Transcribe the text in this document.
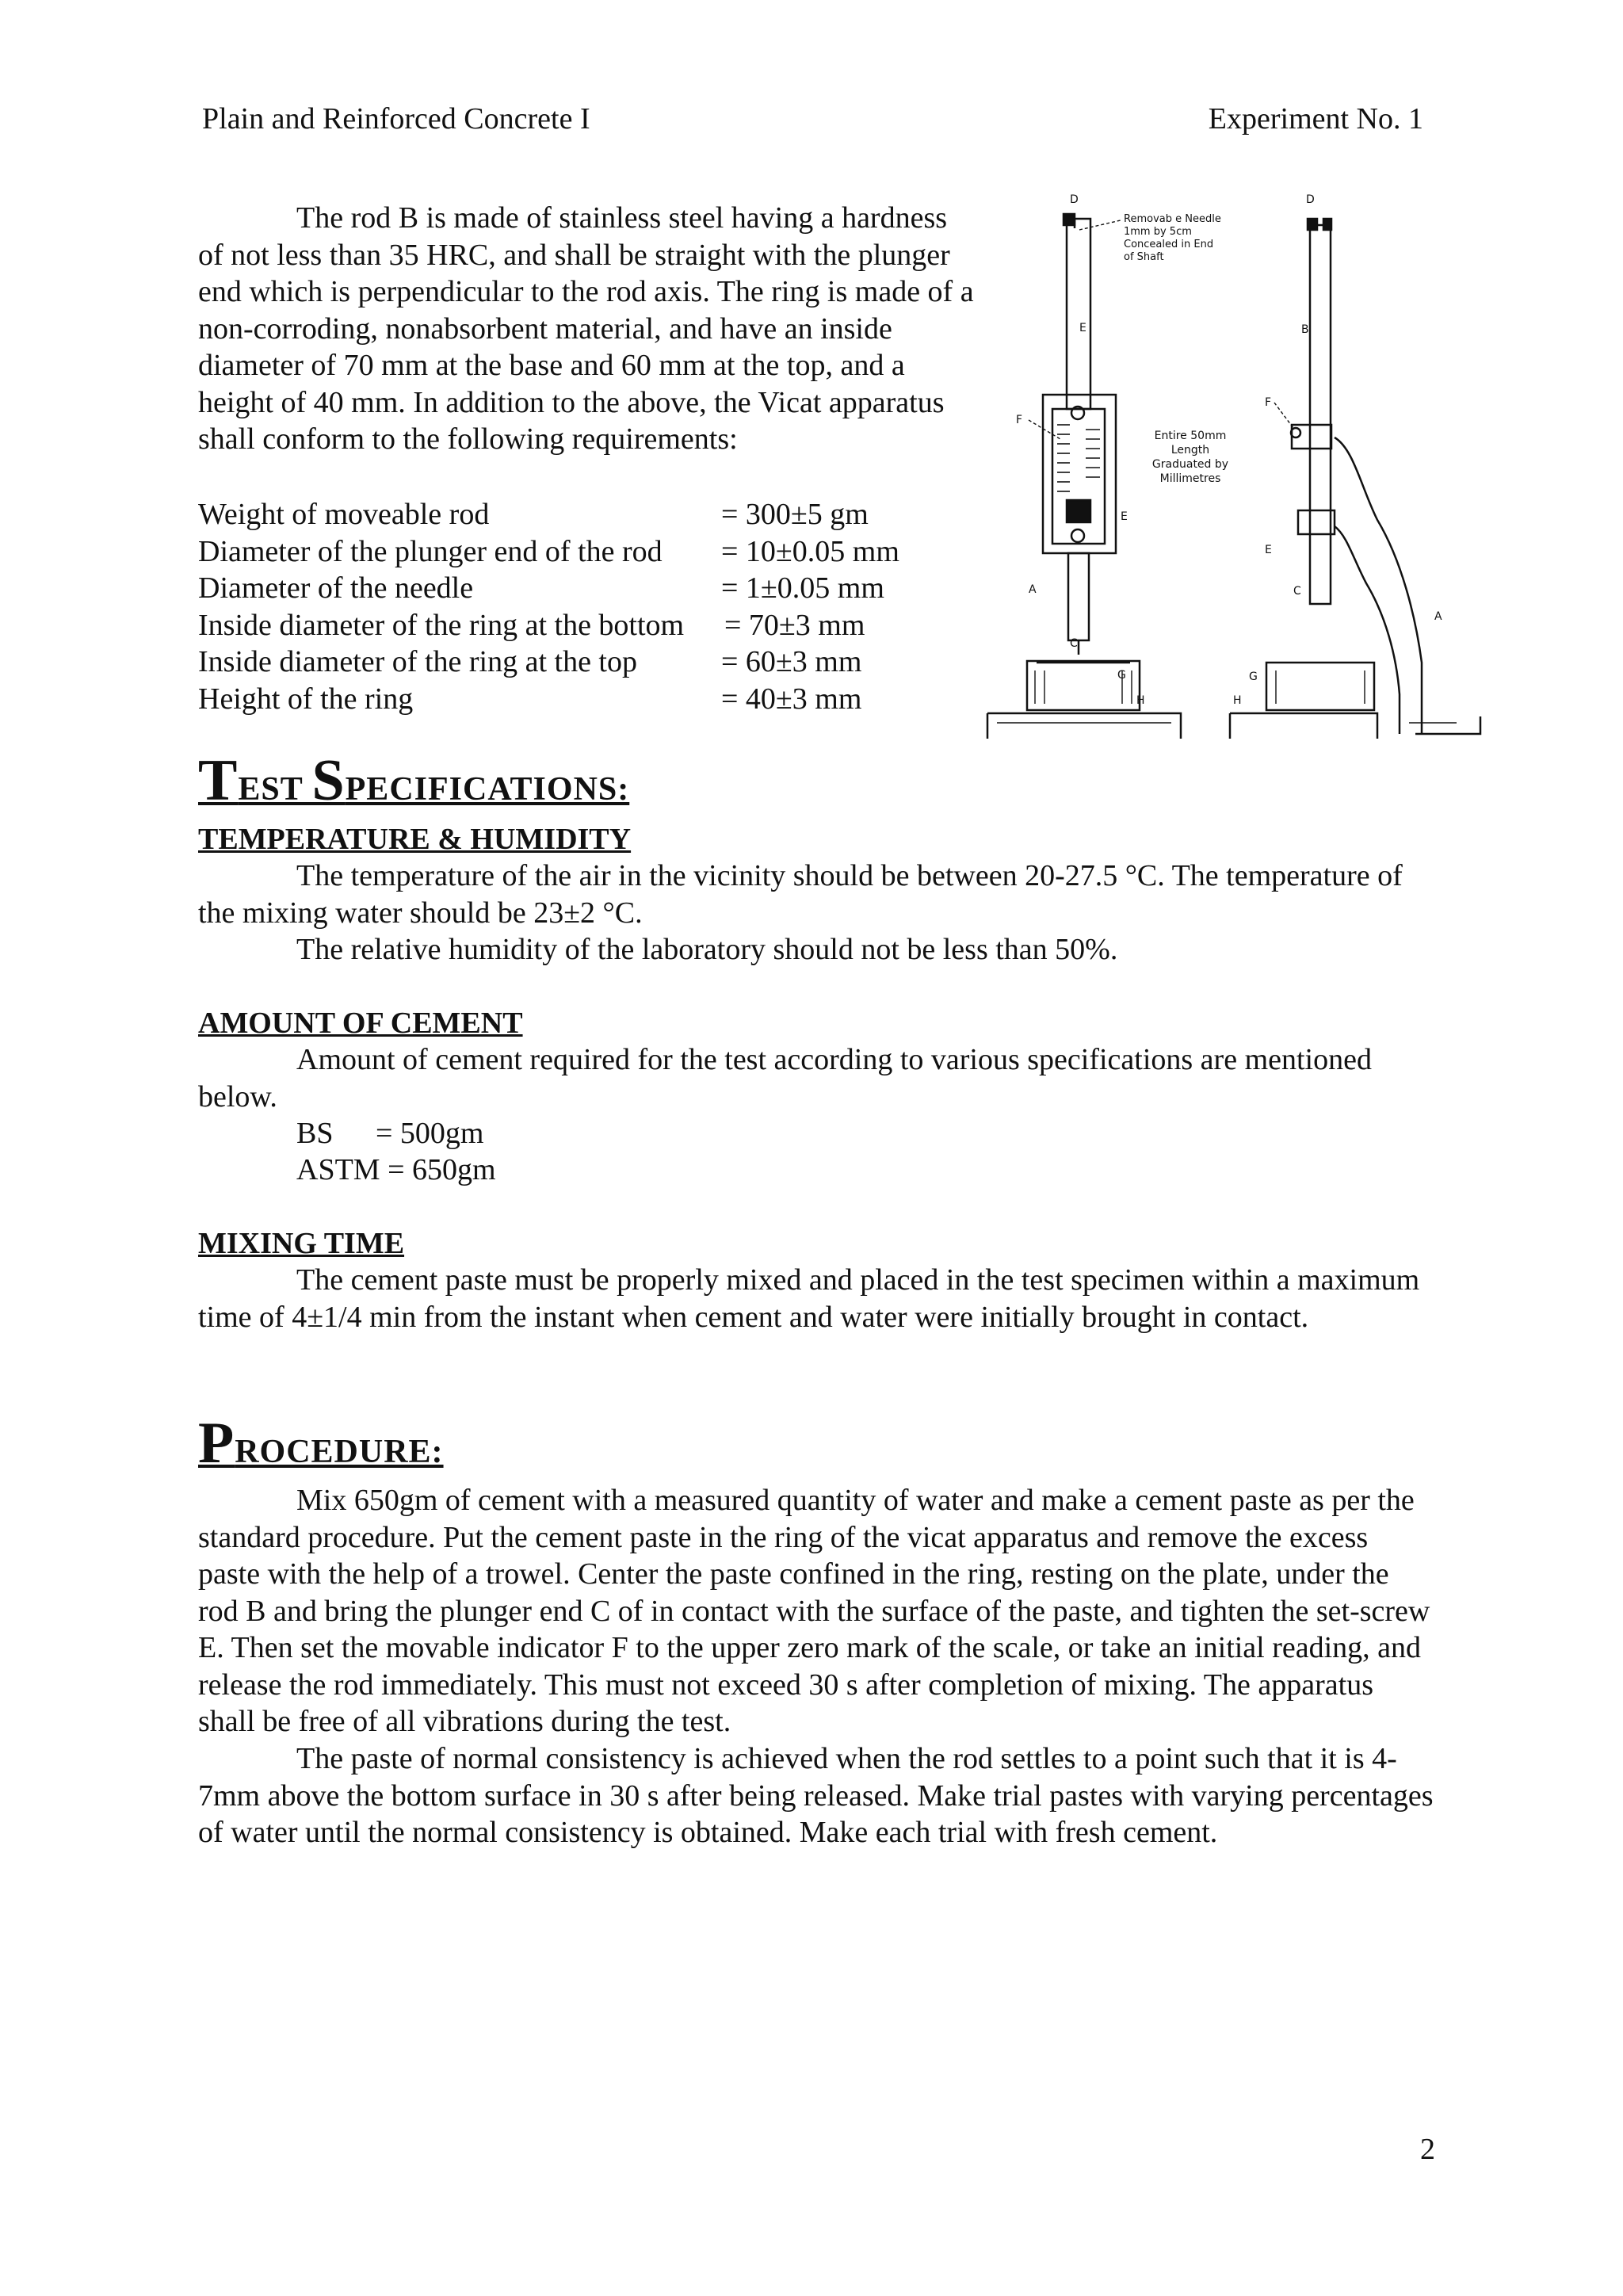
Plain and Reinforced Concrete I	Experiment No. 1
The rod B is made of stainless steel having a hardness of not less than 35 HRC, and shall be straight with the plunger end which is perpendicular to the rod axis. The ring is made of a non-corroding, nonabsorbent material, and have an inside diameter of 70 mm at the base and 60 mm at the top, and a height of 40 mm. In addition to the above, the Vicat apparatus shall conform to the following requirements:
Weight of moveable rod	= 300±5 gm
Diameter of the plunger end of the rod	= 10±0.05 mm
Diameter of the needle	= 1±0.05 mm
Inside diameter of the ring at the bottom	= 70±3 mm
Inside diameter of the ring at the top	= 60±3 mm
Height of the ring	= 40±3 mm
D
E
F
E
A
C
G
H
D
B
F
E
C
G
H
A
Removab e Needle
1mm by 5cm
Concealed in End
of Shaft
Entire 50mm
Length
Graduated by
Millimetres
TEST SPECIFICATIONS:
TEMPERATURE & HUMIDITY
The temperature of the air in the vicinity should be between 20-27.5 °C. The temperature of the mixing water should be 23±2 °C.
The relative humidity of the laboratory should not be less than 50%.
AMOUNT OF CEMENT
Amount of cement required for the test according to various specifications are mentioned below.
BS = 500gm
ASTM = 650gm
MIXING TIME
The cement paste must be properly mixed and placed in the test specimen within a maximum time of 4±1/4 min from the instant when cement and water were initially brought in contact.
PROCEDURE:
Mix 650gm of cement with a measured quantity of water and make a cement paste as per the standard procedure. Put the cement paste in the ring of the vicat apparatus and remove the excess paste with the help of a trowel. Center the paste confined in the ring, resting on the plate, under the rod B and bring the plunger end C of in contact with the surface of the paste, and tighten the set-screw E. Then set the movable indicator F to the upper zero mark of the scale, or take an initial reading, and release the rod immediately. This must not exceed 30 s after completion of mixing. The apparatus shall be free of all vibrations during the test.
The paste of normal consistency is achieved when the rod settles to a point such that it is 4-7mm above the bottom surface in 30 s after being released. Make trial pastes with varying percentages of water until the normal consistency is obtained. Make each trial with fresh cement.
2
